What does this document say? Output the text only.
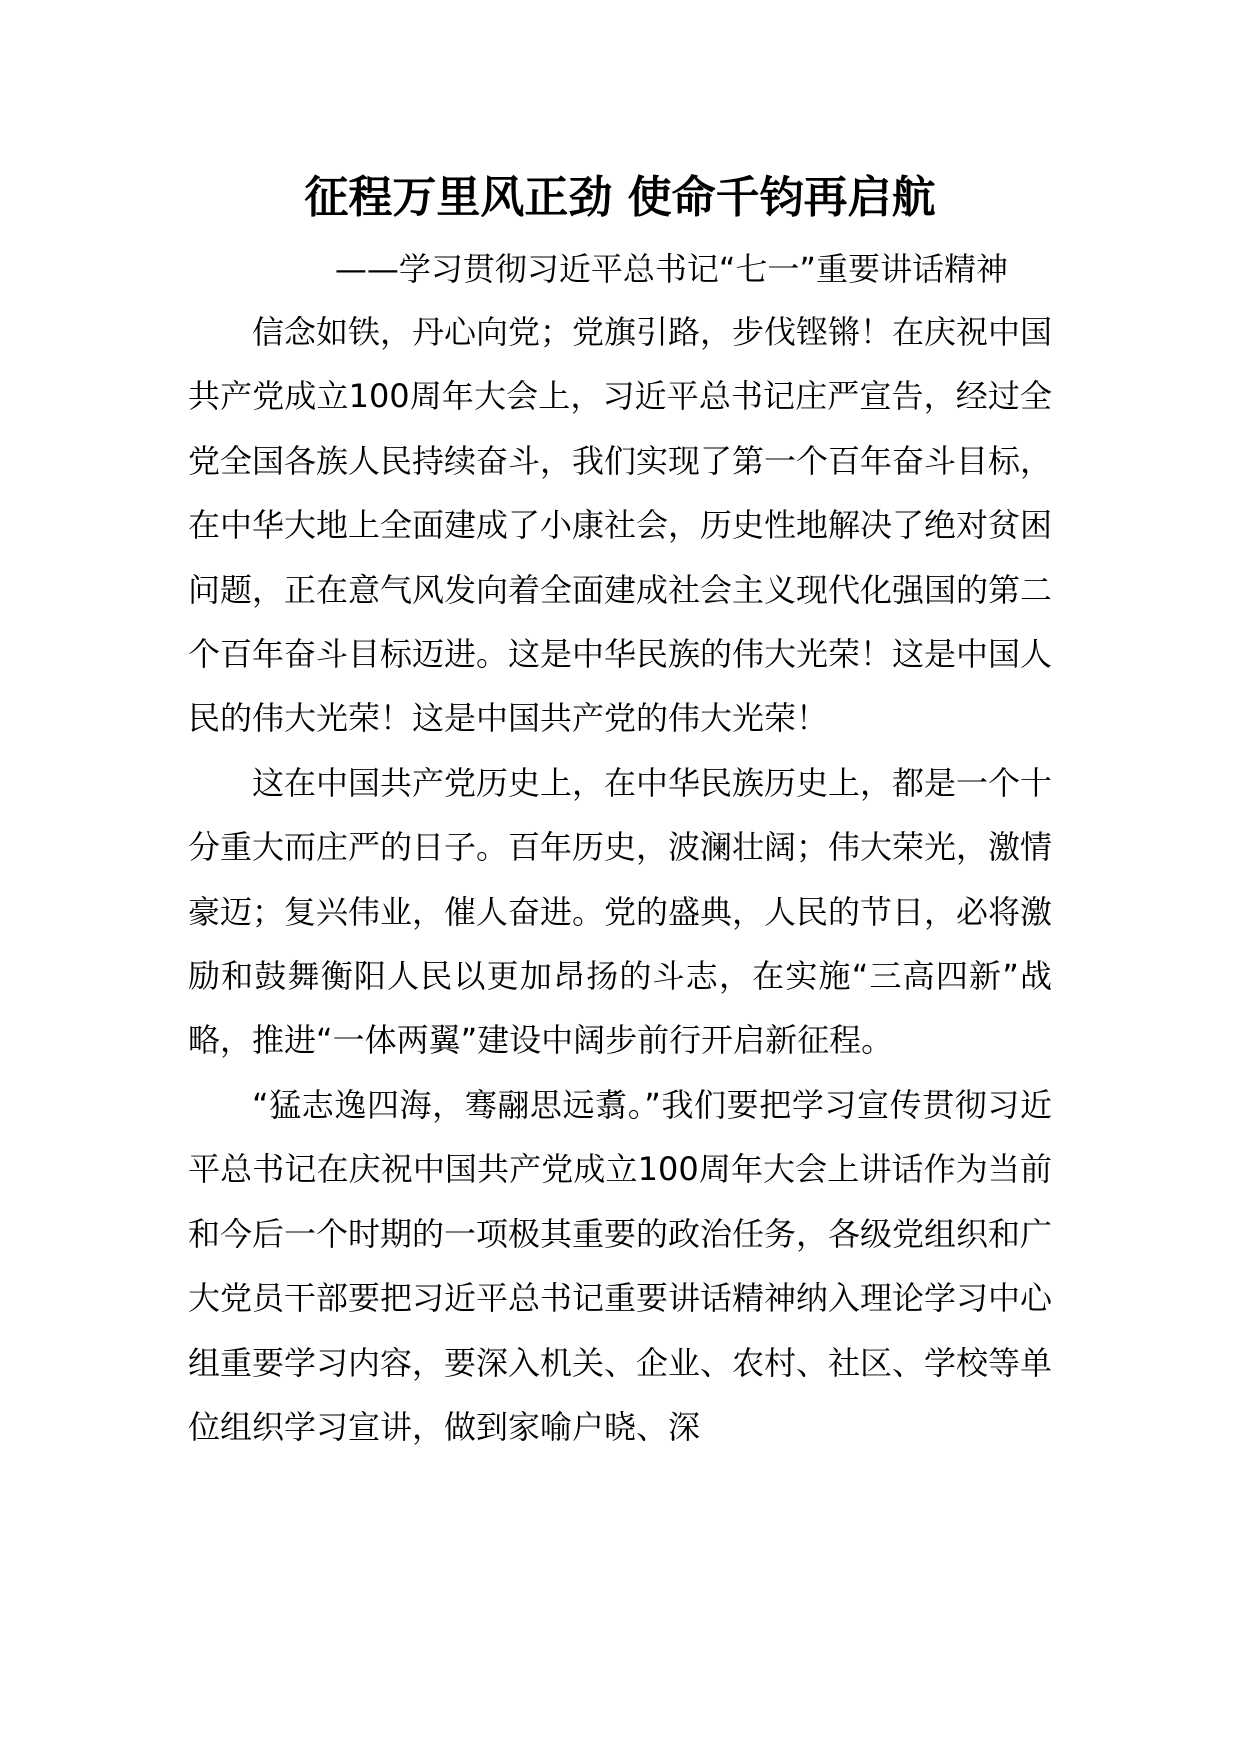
征程万里风正劲 使命千钧再启航
——学习贯彻习近平总书记“七一”重要讲话精神

信念如铁，丹心向党；党旗引路，步伐铿锵！在庆祝中国共产党成立100周年大会上，习近平总书记庄严宣告，经过全党全国各族人民持续奋斗，我们实现了第一个百年奋斗目标，在中华大地上全面建成了小康社会，历史性地解决了绝对贫困问题，正在意气风发向着全面建成社会主义现代化强国的第二个百年奋斗目标迈进。这是中华民族的伟大光荣！这是中国人民的伟大光荣！这是中国共产党的伟大光荣！

这在中国共产党历史上，在中华民族历史上，都是一个十分重大而庄严的日子。百年历史，波澜壮阔；伟大荣光，激情豪迈；复兴伟业，催人奋进。党的盛典，人民的节日，必将激励和鼓舞衡阳人民以更加昂扬的斗志，在实施“三高四新”战略，推进“一体两翼”建设中阔步前行开启新征程。

“猛志逸四海，骞翮思远翥。”我们要把学习宣传贯彻习近平总书记在庆祝中国共产党成立100周年大会上讲话作为当前和今后一个时期的一项极其重要的政治任务，各级党组织和广大党员干部要把习近平总书记重要讲话精神纳入理论学习中心组重要学习内容，要深入机关、企业、农村、社区、学校等单位组织学习宣讲，做到家喻户晓、深
